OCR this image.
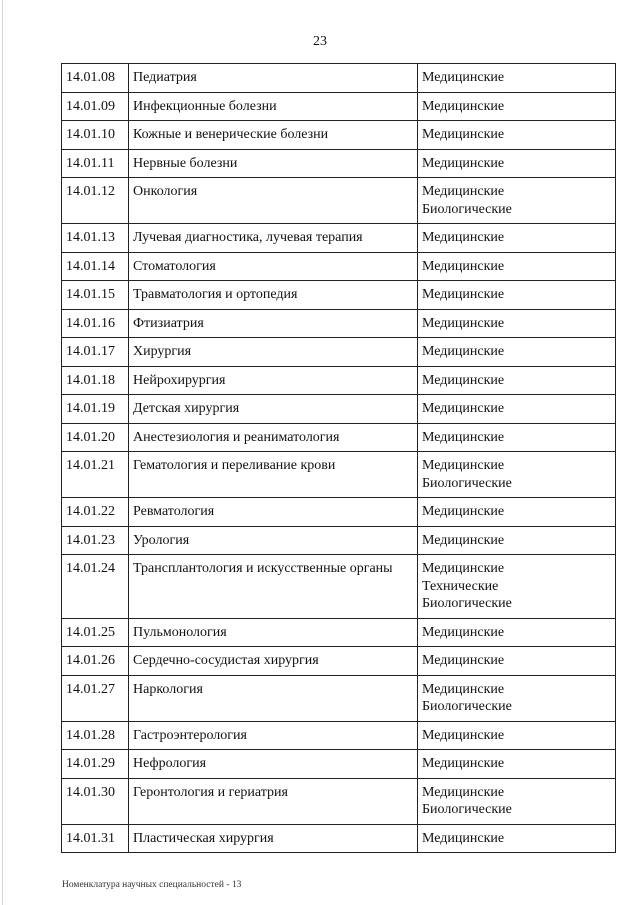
23
14.01.08	Педиатрия	Медицинские

14.01.09	Инфекционные болезни	Медицинские

14.01.10	Кожные и венерические болезни	Медицинские

14.01.11	Нервные болезни	Медицинские

14.01.12	Онкология	Медицинские
Биологические

14.01.13	Лучевая диагностика, лучевая терапия	Медицинские

14.01.14	Стоматология	Медицинские

14.01.15	Травматология и ортопедия	Медицинские

14.01.16	Фтизиатрия	Медицинские

14.01.17	Хирургия	Медицинские

14.01.18	Нейрохирургия	Медицинские

14.01.19	Детская хирургия	Медицинские

14.01.20	Анестезиология и реаниматология	Медицинские

14.01.21	Гематология и переливание крови	Медицинские
Биологические

14.01.22	Ревматология	Медицинские

14.01.23	Урология	Медицинские

14.01.24	Трансплантология и искусственные органы	Медицинские
Технические
Биологические

14.01.25	Пульмонология	Медицинские

14.01.26	Сердечно-сосудистая хирургия	Медицинские

14.01.27	Наркология	Медицинские
Биологические

14.01.28	Гастроэнтерология	Медицинские

14.01.29	Нефрология	Медицинские

14.01.30	Геронтология и гериатрия	Медицинские
Биологические

14.01.31	Пластическая хирургия	Медицинские
Номенклатура научных специальностей - 13
